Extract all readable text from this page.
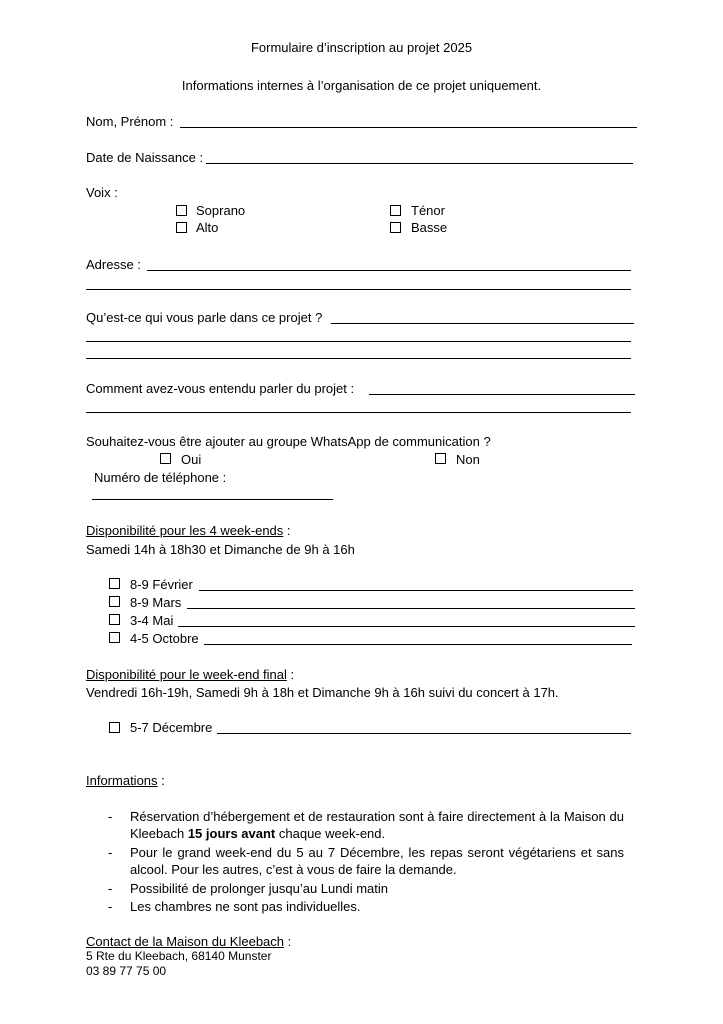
Formulaire d’inscription au projet 2025
Informations internes à l’organisation de ce projet uniquement.
Nom, Prénom :
Date de Naissance :
Voix :
Soprano	Ténor
Alto	Basse
Adresse :
Qu’est-ce qui vous parle dans ce projet ?
Comment avez-vous entendu parler du projet :
Souhaitez-vous être ajouter au groupe WhatsApp de communication ?
Oui	Non
Numéro de téléphone :
Disponibilité pour les 4 week-ends :
Samedi 14h à 18h30 et Dimanche de 9h à 16h
8-9 Février
8-9 Mars
3-4 Mai
4-5 Octobre
Disponibilité pour le week-end final :
Vendredi 16h-19h, Samedi 9h à 18h et Dimanche 9h à 16h suivi du concert à 17h.
5-7 Décembre
Informations :
- Réservation d’hébergement et de restauration sont à faire directement à la Maison du Kleebach 15 jours avant chaque week-end.
- Pour le grand week-end du 5 au 7 Décembre, les repas seront végétariens et sans alcool. Pour les autres, c’est à vous de faire la demande.
- Possibilité de prolonger jusqu’au Lundi matin
- Les chambres ne sont pas individuelles.
Contact de la Maison du Kleebach :
5 Rte du Kleebach, 68140 Munster
03 89 77 75 00
